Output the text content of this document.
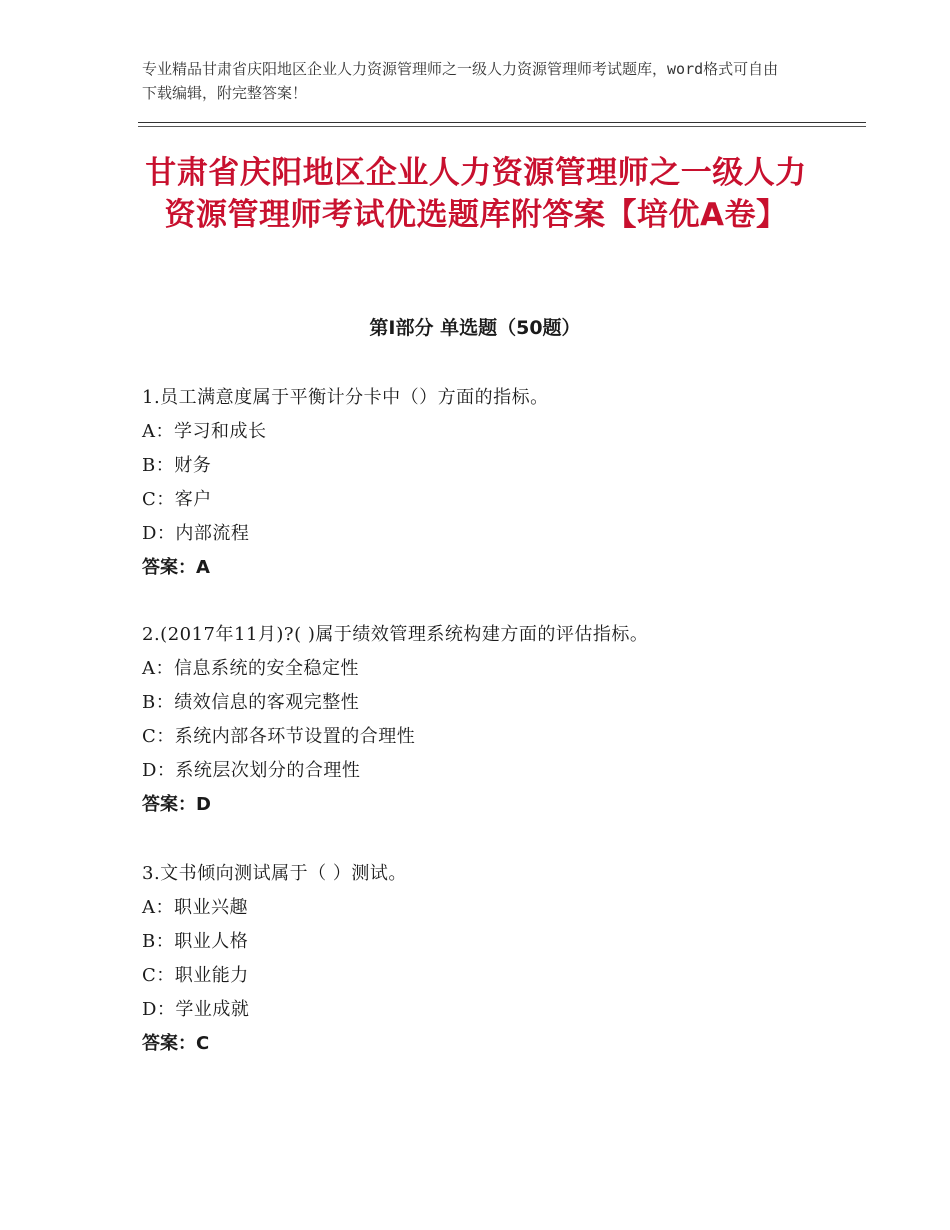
专业精品甘肃省庆阳地区企业人力资源管理师之一级人力资源管理师考试题库，word格式可自由下载编辑，附完整答案！
甘肃省庆阳地区企业人力资源管理师之一级人力资源管理师考试优选题库附答案【培优A卷】
第Ⅰ部分 单选题（50题）
1.员工满意度属于平衡计分卡中（）方面的指标。
A：学习和成长
B：财务
C：客户
D：内部流程
答案：A
2.(2017年11月)?( )属于绩效管理系统构建方面的评估指标。
A：信息系统的安全稳定性
B：绩效信息的客观完整性
C：系统内部各环节设置的合理性
D：系统层次划分的合理性
答案：D
3.文书倾向测试属于（ ）测试。
A：职业兴趣
B：职业人格
C：职业能力
D：学业成就
答案：C
